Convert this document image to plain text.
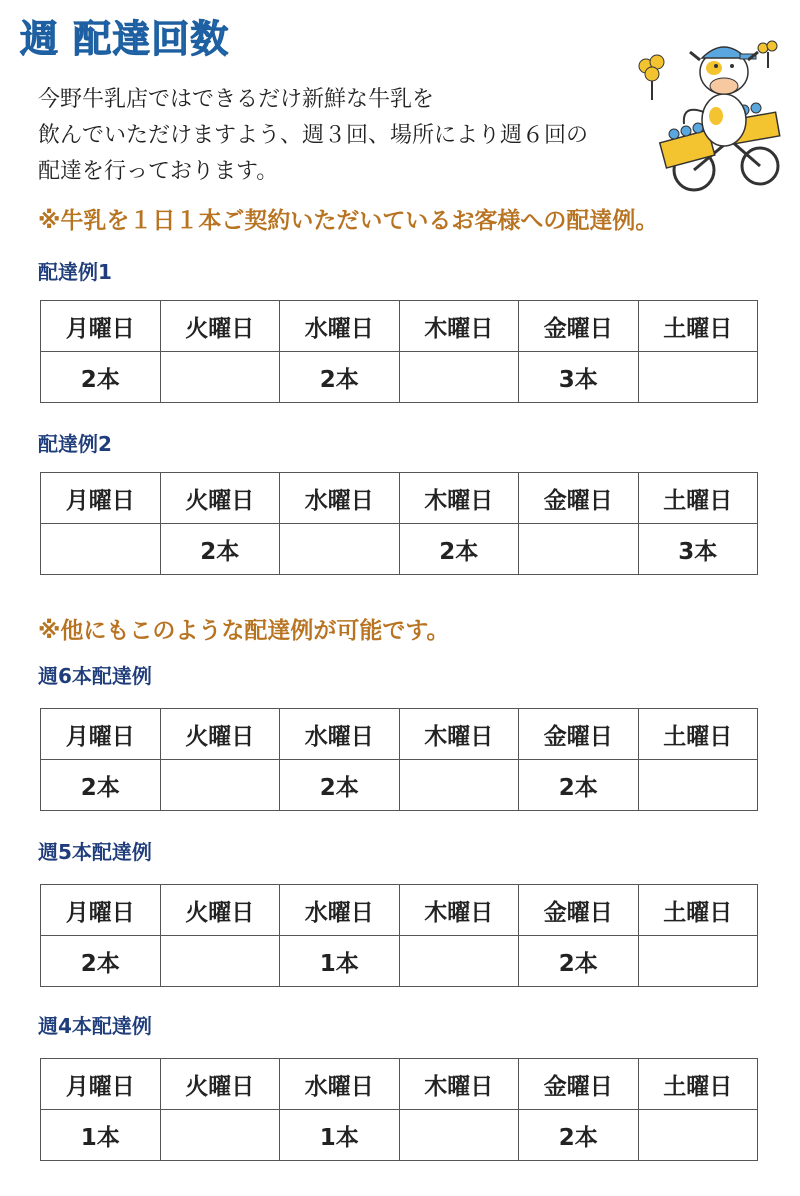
週 配達回数
今野牛乳店ではできるだけ新鮮な牛乳を
飲んでいただけますよう、週３回、場所により週６回の
配達を行っております。
※牛乳を１日１本ご契約いただいているお客様への配達例。
配達例1
月曜日	火曜日	水曜日	木曜日	金曜日	土曜日
2本		2本		3本	
配達例2
月曜日	火曜日	水曜日	木曜日	金曜日	土曜日
	2本		2本		3本
※他にもこのような配達例が可能です。
週6本配達例
月曜日	火曜日	水曜日	木曜日	金曜日	土曜日
2本		2本		2本	
週5本配達例
月曜日	火曜日	水曜日	木曜日	金曜日	土曜日
2本		1本		2本	
週4本配達例
月曜日	火曜日	水曜日	木曜日	金曜日	土曜日
1本		1本		2本	
